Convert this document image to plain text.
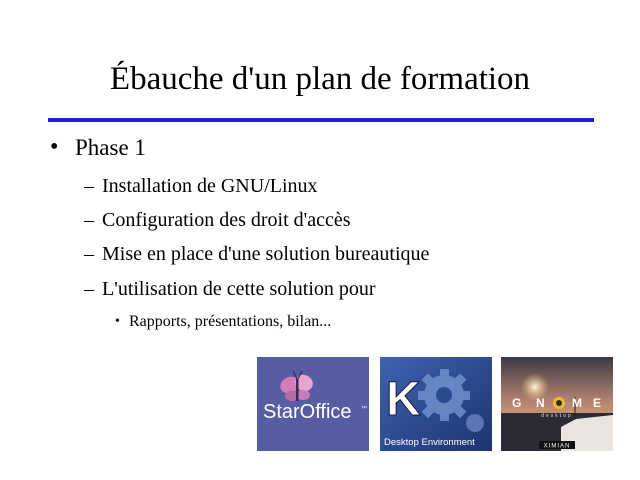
Ébauche d'un plan de formation
• Phase 1
– Installation de GNU/Linux
– Configuration des droit d'accès
– Mise en place d'une solution bureautique
– L'utilisation de cette solution pour
• Rapports, présentations, bilan...
StarOffice ™ K
Desktop Environment
G N M E
desktop
XIMIAN
